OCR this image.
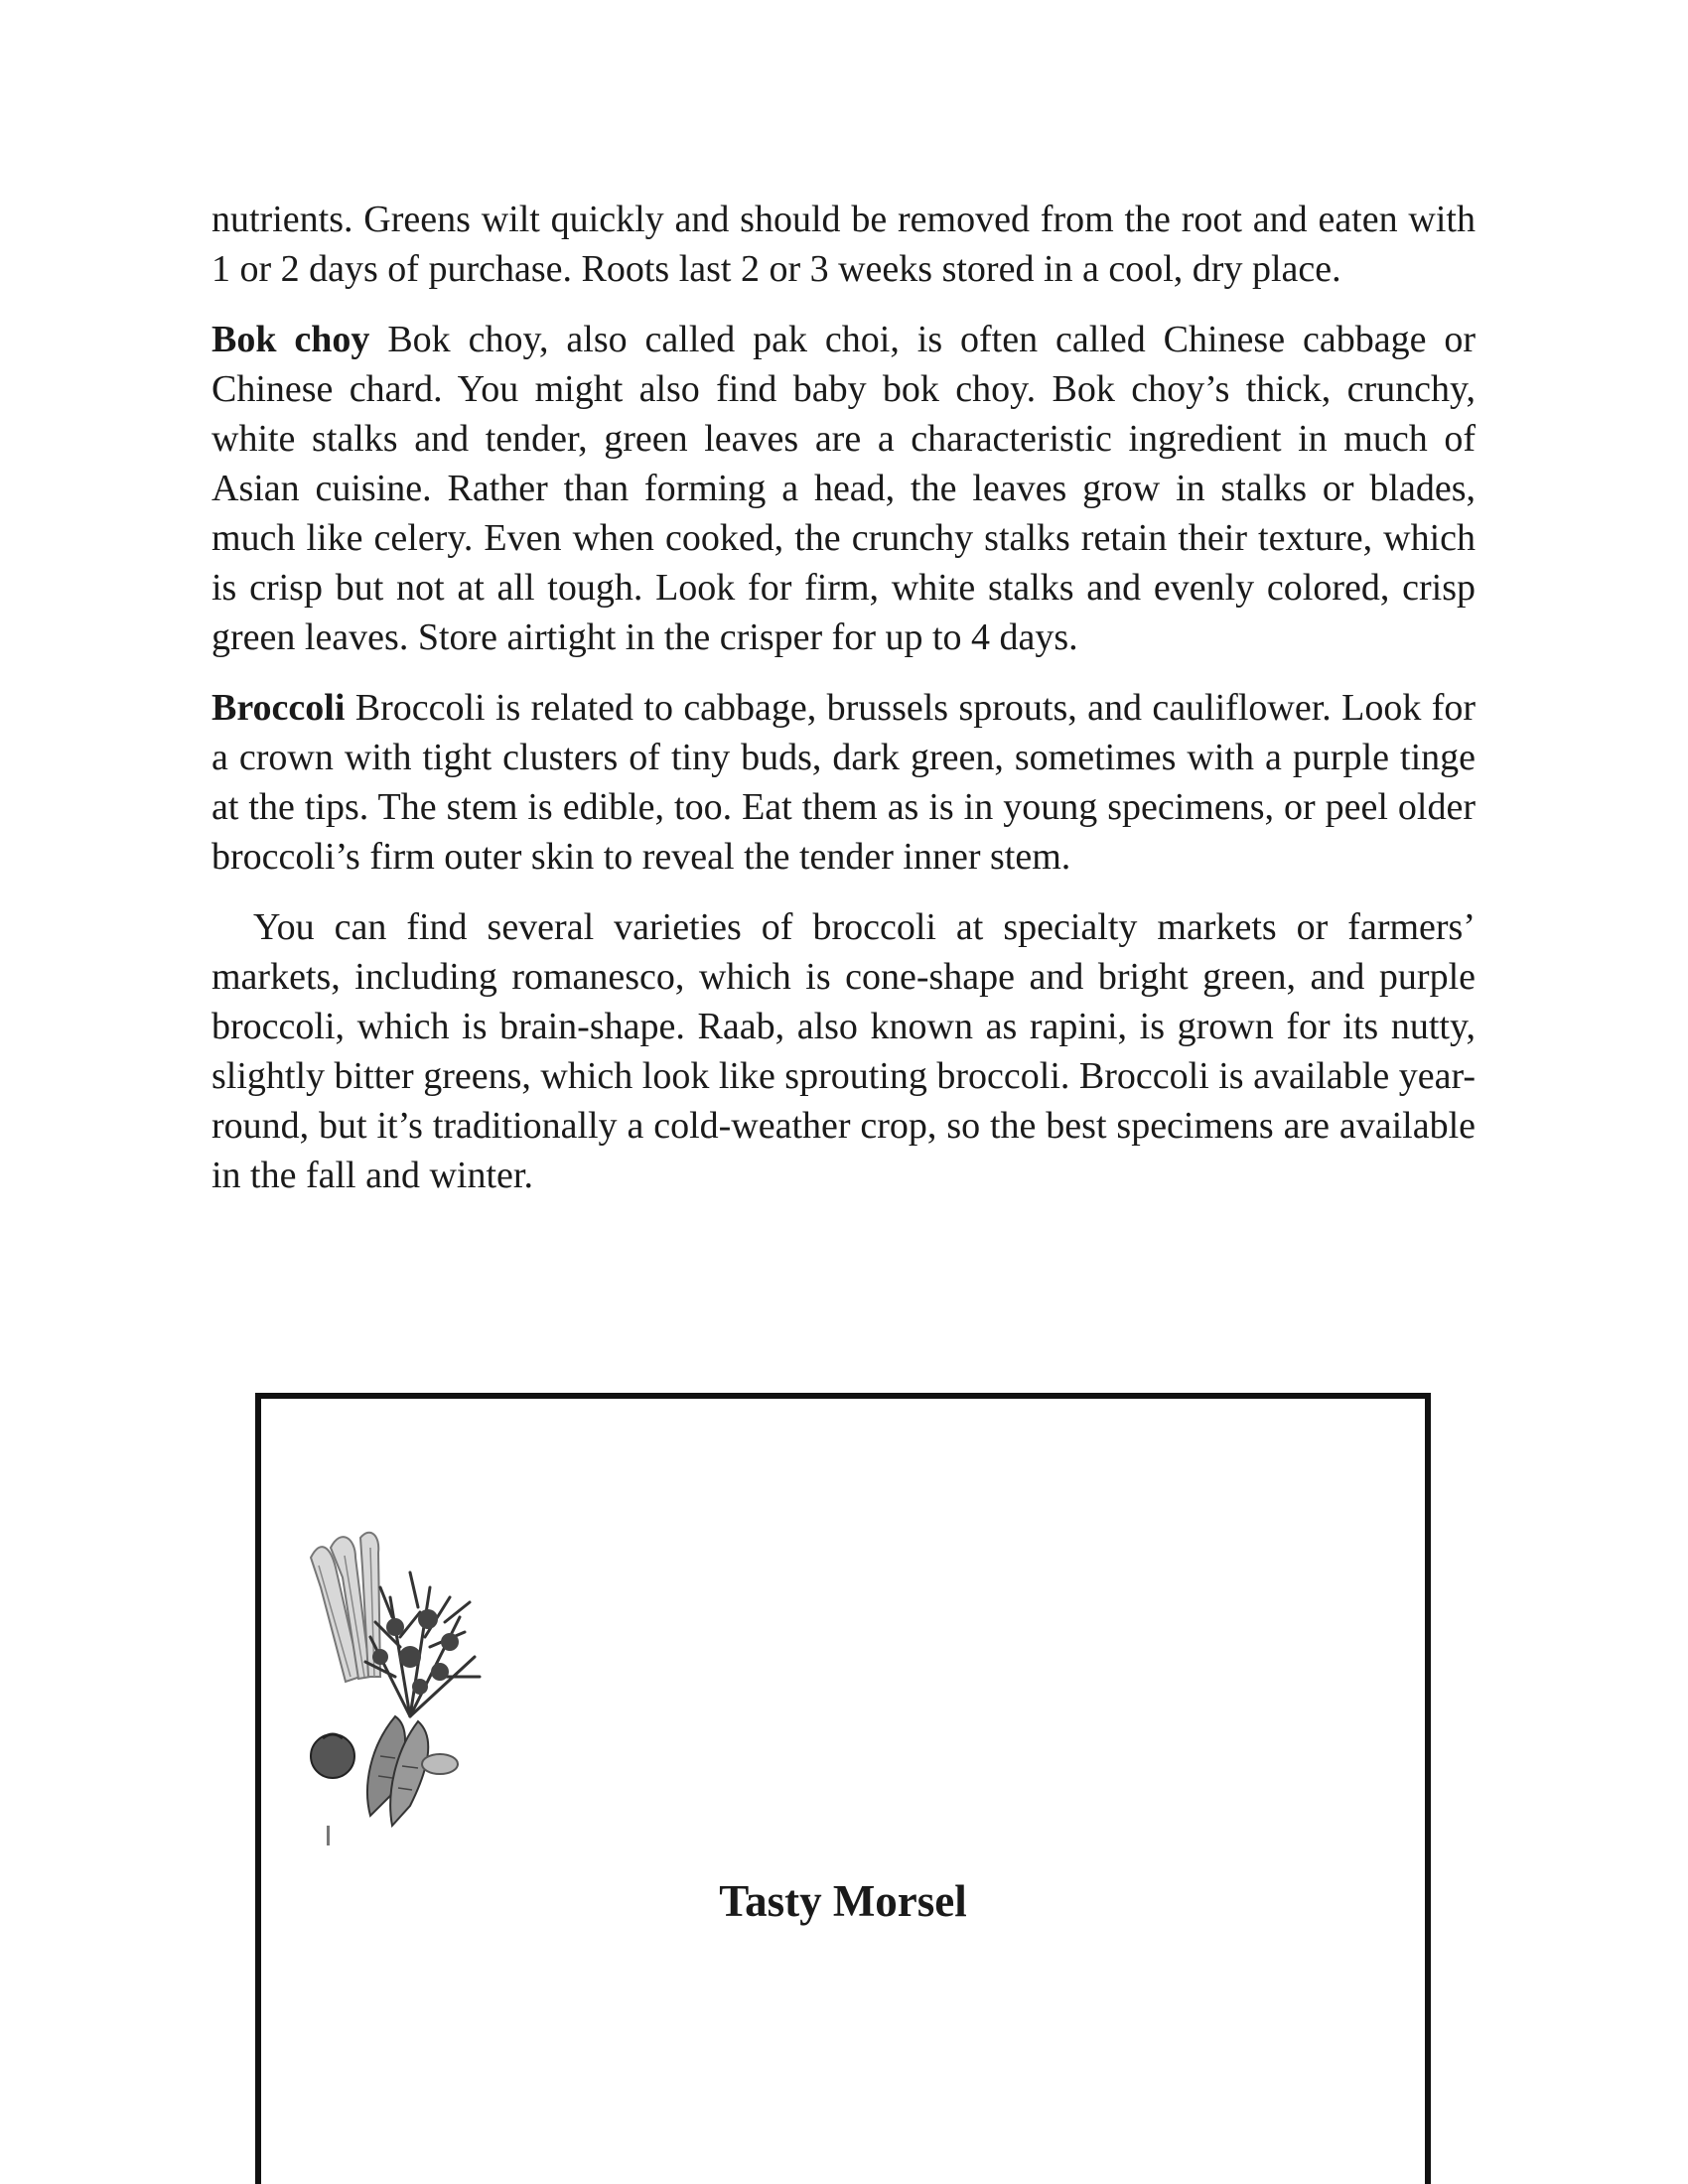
nutrients. Greens wilt quickly and should be removed from the root and eaten with 1 or 2 days of purchase. Roots last 2 or 3 weeks stored in a cool, dry place.

Bok choy Bok choy, also called pak choi, is often called Chinese cabbage or Chinese chard. You might also find baby bok choy. Bok choy’s thick, crunchy, white stalks and tender, green leaves are a characteristic ingredient in much of Asian cuisine. Rather than forming a head, the leaves grow in stalks or blades, much like celery. Even when cooked, the crunchy stalks retain their texture, which is crisp but not at all tough. Look for firm, white stalks and evenly colored, crisp green leaves. Store airtight in the crisper for up to 4 days.

Broccoli Broccoli is related to cabbage, brussels sprouts, and cauliflower. Look for a crown with tight clusters of tiny buds, dark green, sometimes with a purple tinge at the tips. The stem is edible, too. Eat them as is in young specimens, or peel older broccoli’s firm outer skin to reveal the tender inner stem.

You can find several varieties of broccoli at specialty markets or farmers’ markets, including romanesco, which is cone-shape and bright green, and purple broccoli, which is brain-shape. Raab, also known as rapini, is grown for its nutty, slightly bitter greens, which look like sprouting broccoli. Broccoli is available year-round, but it’s traditionally a cold-weather crop, so the best specimens are available in the fall and winter.

Tasty Morsel
